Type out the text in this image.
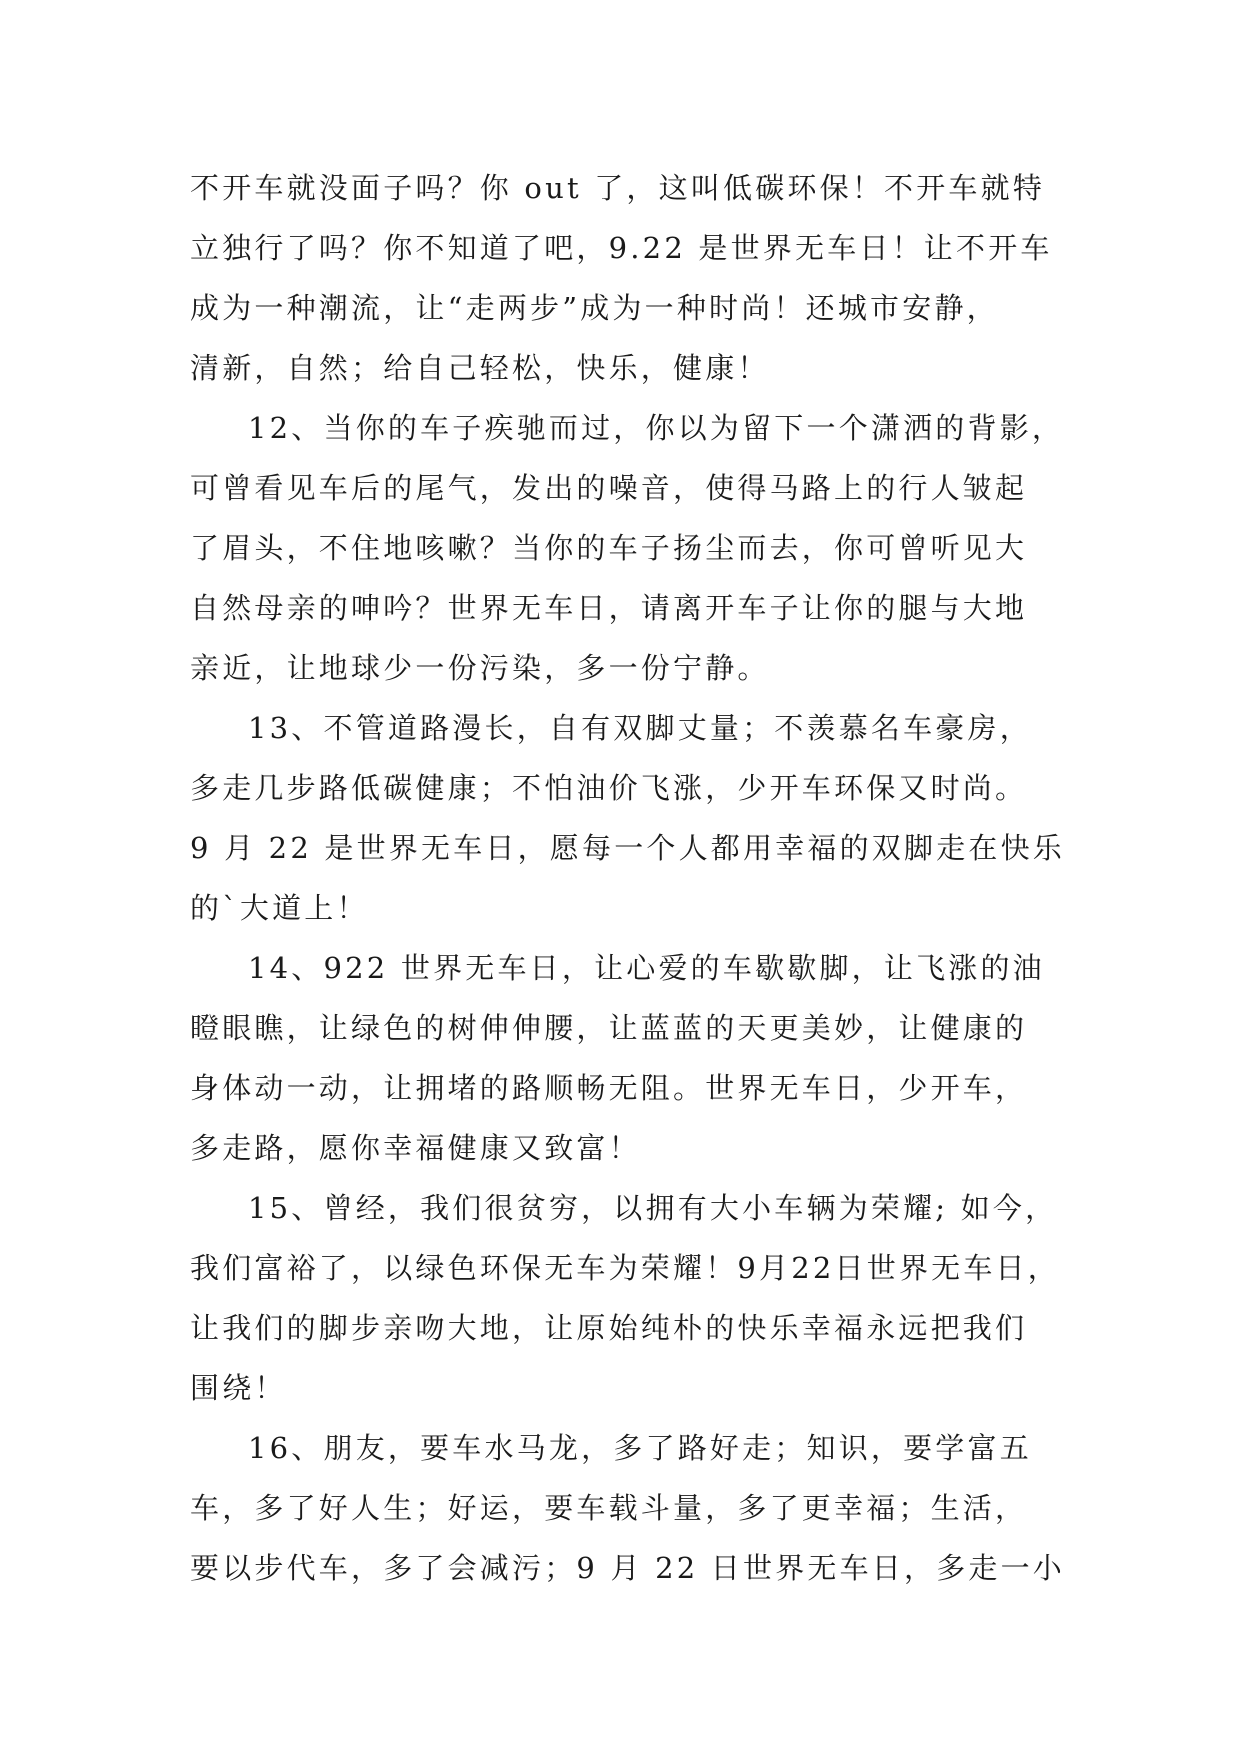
不开车就没面子吗？你 out 了，这叫低碳环保！不开车就特
立独行了吗？你不知道了吧，9.22 是世界无车日！让不开车
成为一种潮流，让“走两步”成为一种时尚！还城市安静，
清新，自然；给自己轻松，快乐，健康！
12、当你的车子疾驰而过，你以为留下一个潇洒的背影，
可曾看见车后的尾气，发出的噪音，使得马路上的行人皱起
了眉头，不住地咳嗽？当你的车子扬尘而去，你可曾听见大
自然母亲的呻吟？世界无车日，请离开车子让你的腿与大地
亲近，让地球少一份污染，多一份宁静。
13、不管道路漫长，自有双脚丈量；不羡慕名车豪房，
多走几步路低碳健康；不怕油价飞涨，少开车环保又时尚。
9 月 22 是世界无车日，愿每一个人都用幸福的双脚走在快乐
的`大道上！
14、922 世界无车日，让心爱的车歇歇脚，让飞涨的油
瞪眼瞧，让绿色的树伸伸腰，让蓝蓝的天更美妙，让健康的
身体动一动，让拥堵的路顺畅无阻。世界无车日，少开车，
多走路，愿你幸福健康又致富！
15、曾经，我们很贫穷，以拥有大小车辆为荣耀; 如今，
我们富裕了，以绿色环保无车为荣耀！9月22日世界无车日，
让我们的脚步亲吻大地，让原始纯朴的快乐幸福永远把我们
围绕！
16、朋友，要车水马龙，多了路好走；知识，要学富五
车，多了好人生；好运，要车载斗量，多了更幸福；生活，
要以步代车，多了会减污；9 月 22 日世界无车日，多走一小
